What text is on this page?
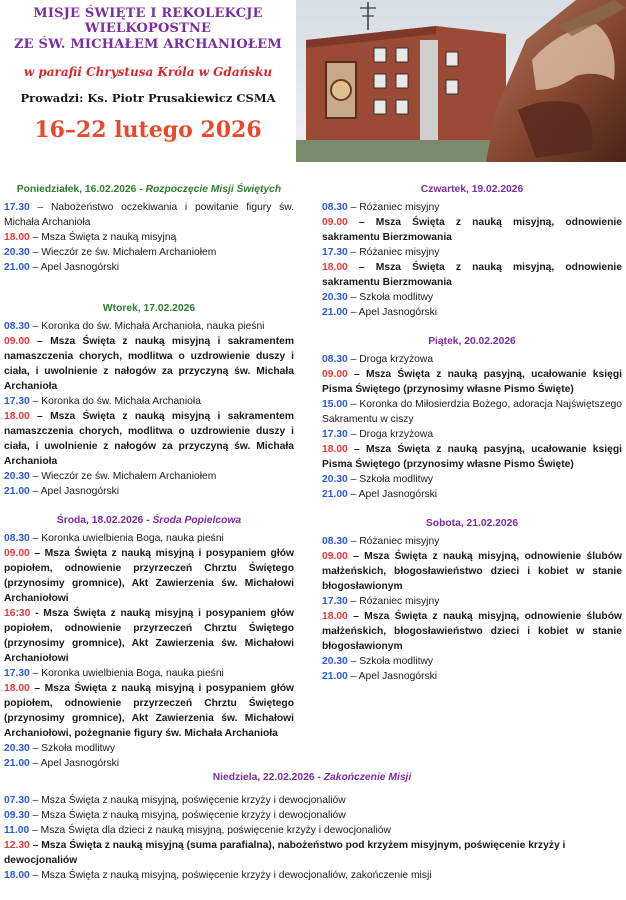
MISJE ŚWIĘTE I REKOLEKCJE WIELKOPOSTNE
ZE ŚW. MICHAŁEM ARCHANIOŁEM
w parafii Chrystusa Króla w Gdańsku
Prowadzi: Ks. Piotr Prusakiewicz CSMA
16–22 lutego 2026
Poniedziałek, 16.02.2026 - Rozpoczęcie Misji Świętych
17.30 – Nabożeństwo oczekiwania i powitanie figury św. Michała Archanioła
18.00 – Msza Święta z nauką misyjną
20.30 – Wieczór ze św. Michałem Archaniołem
21.00 – Apel Jasnogórski
Wtorek, 17.02.2026
08.30 – Koronka do św. Michała Archanioła, nauka pieśni
09.00 – Msza Święta z nauką misyjną i sakramentem namaszczenia chorych, modlitwa o uzdrowienie duszy i ciała, i uwolnienie z nałogów za przyczyną św. Michała Archanioła
17.30 – Koronka do św. Michała Archanioła
18.00 – Msza Święta z nauką misyjną i sakramentem namaszczenia chorych, modlitwa o uzdrowienie duszy i ciała, i uwolnienie z nałogów za przyczyną św. Michała Archanioła
20.30 – Wieczór ze św. Michałem Archaniołem
21.00 – Apel Jasnogórski
Środa, 18.02.2026 - Środa Popielcowa
08.30 – Koronka uwielbienia Boga, nauka pieśni
09.00 – Msza Święta z nauką misyjną i posypaniem głów popiołem, odnowienie przyrzeczeń Chrztu Świętego (przynosimy gromnice), Akt Zawierzenia św. Michałowi Archaniołowi
16:30 - Msza Święta z nauką misyjną i posypaniem głów popiołem, odnowienie przyrzeczeń Chrztu Świętego (przynosimy gromnice), Akt Zawierzenia św. Michałowi Archaniołowi
17.30 – Koronka uwielbienia Boga, nauka pieśni
18.00 – Msza Święta z nauką misyjną i posypaniem głów popiołem, odnowienie przyrzeczeń Chrztu Świętego (przynosimy gromnice), Akt Zawierzenia św. Michałowi Archaniołowi, pożegnanie figury św. Michała Archanioła
20.30 – Szkoła modlitwy
21.00 – Apel Jasnogórski
Czwartek, 19.02.2026
08.30 – Różaniec misyjny
09.00 – Msza Święta z nauką misyjną, odnowienie sakramentu Bierzmowania
17.30 – Różaniec misyjny
18.00 – Msza Święta z nauką misyjną, odnowienie sakramentu Bierzmowania
20.30 – Szkoła modlitwy
21.00 – Apel Jasnogórski
Piątek, 20.02.2026
08.30 – Droga krzyżowa
09.00 – Msza Święta z nauką pasyjną, ucałowanie księgi Pisma Świętego (przynosimy własne Pismo Święte)
15.00 – Koronka do Miłosierdzia Bożego, adoracja Najświętszego Sakramentu w ciszy
17.30 – Droga krzyżowa
18.00 – Msza Święta z nauką pasyjną, ucałowanie księgi Pisma Świętego (przynosimy własne Pismo Święte)
20.30 – Szkoła modlitwy
21.00 – Apel Jasnogórski
Sobota, 21.02.2026
08.30 – Różaniec misyjny
09.00 – Msza Święta z nauką misyjną, odnowienie ślubów małżeńskich, błogosławieństwo dzieci i kobiet w stanie błogosławionym
17.30 – Różaniec misyjny
18.00 – Msza Święta z nauką misyjną, odnowienie ślubów małżeńskich, błogosławieństwo dzieci i kobiet w stanie błogosławionym
20.30 – Szkoła modlitwy
21.00 – Apel Jasnogórski
Niedziela, 22.02.2026 - Zakończenie Misji
07.30 – Msza Święta z nauką misyjną, poświęcenie krzyży i dewocjonaliów
09.30 – Msza Święta z nauką misyjną, poświęcenie krzyży i dewocjonaliów
11.00 – Msza Święta dla dzieci z nauką misyjną, poświęcenie krzyży i dewocjonaliów
12.30 – Msza Święta z nauką misyjną (suma parafialna), nabożeństwo pod krzyżem misyjnym, poświęcenie krzyży i dewocjonaliów
18.00 – Msza Święta z nauką misyjną, poświęcenie krzyży i dewocjonaliów, zakończenie misji
